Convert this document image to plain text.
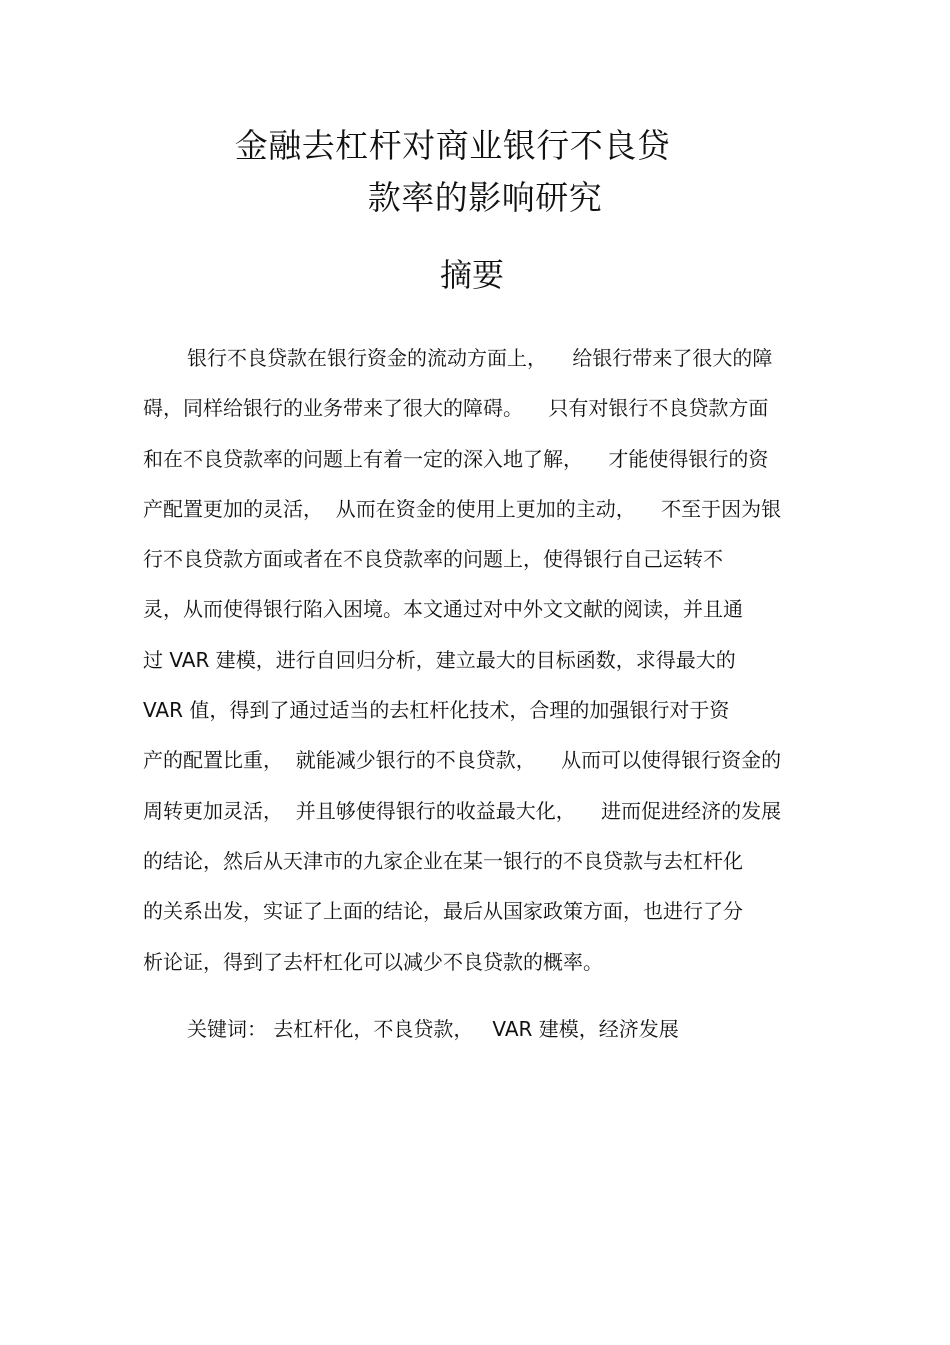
金融去杠杆对商业银行不良贷
款率的影响研究
摘要
银行不良贷款在银行资金的流动方面上，    给银行带来了很大的障
碍，同样给银行的业务带来了很大的障碍。    只有对银行不良贷款方面
和在不良贷款率的问题上有着一定的深入地了解，    才能使得银行的资
产配置更加的灵活，  从而在资金的使用上更加的主动，    不至于因为银
行不良贷款方面或者在不良贷款率的问题上，使得银行自己运转不
灵，从而使得银行陷入困境。本文通过对中外文文献的阅读，并且通
过 VAR 建模，进行自回归分析，建立最大的目标函数，求得最大的
VAR 值，得到了通过适当的去杠杆化技术，合理的加强银行对于资
产的配置比重，  就能减少银行的不良贷款，    从而可以使得银行资金的
周转更加灵活，  并且够使得银行的收益最大化，    进而促进经济的发展
的结论，然后从天津市的九家企业在某一银行的不良贷款与去杠杆化
的关系出发，实证了上面的结论，最后从国家政策方面，也进行了分
析论证，得到了去杆杠化可以减少不良贷款的概率。
关键词： 去杠杆化，不良贷款，   VAR 建模，经济发展
